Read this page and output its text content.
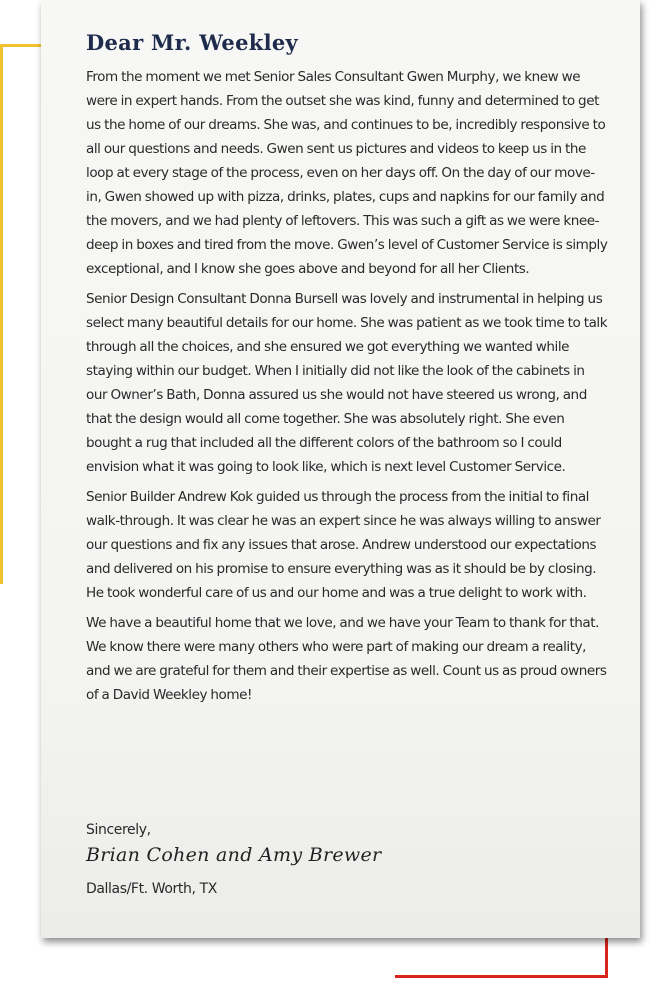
Dear Mr. Weekley

From the moment we met Senior Sales Consultant Gwen Murphy, we knew we were in expert hands. From the outset she was kind, funny and determined to get us the home of our dreams. She was, and continues to be, incredibly responsive to all our questions and needs. Gwen sent us pictures and videos to keep us in the loop at every stage of the process, even on her days off. On the day of our move-in, Gwen showed up with pizza, drinks, plates, cups and napkins for our family and the movers, and we had plenty of leftovers. This was such a gift as we were knee-deep in boxes and tired from the move. Gwen’s level of Customer Service is simply exceptional, and I know she goes above and beyond for all her Clients.

Senior Design Consultant Donna Bursell was lovely and instrumental in helping us select many beautiful details for our home. She was patient as we took time to talk through all the choices, and she ensured we got everything we wanted while staying within our budget. When I initially did not like the look of the cabinets in our Owner’s Bath, Donna assured us she would not have steered us wrong, and that the design would all come together. She was absolutely right. She even bought a rug that included all the different colors of the bathroom so I could envision what it was going to look like, which is next level Customer Service.

Senior Builder Andrew Kok guided us through the process from the initial to final walk-through. It was clear he was an expert since he was always willing to answer our questions and fix any issues that arose. Andrew understood our expectations and delivered on his promise to ensure everything was as it should be by closing. He took wonderful care of us and our home and was a true delight to work with.

We have a beautiful home that we love, and we have your Team to thank for that. We know there were many others who were part of making our dream a reality, and we are grateful for them and their expertise as well. Count us as proud owners of a David Weekley home!

Sincerely,
Brian Cohen and Amy Brewer
Dallas/Ft. Worth, TX
